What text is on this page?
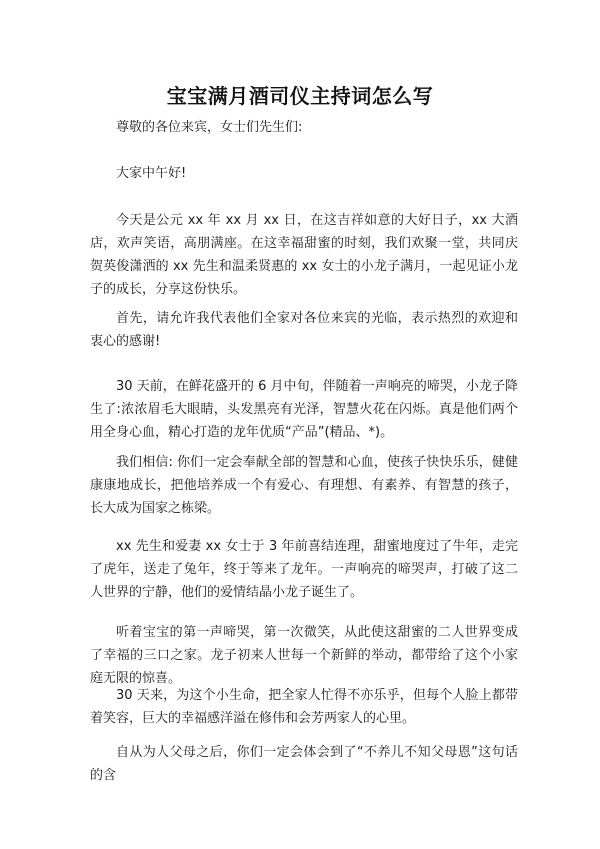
宝宝满月酒司仪主持词怎么写

尊敬的各位来宾，女士们先生们:

大家中午好!

今天是公元 xx 年 xx 月 xx 日，在这吉祥如意的大好日子，xx 大酒店，欢声笑语，高朋满座。在这幸福甜蜜的时刻，我们欢聚一堂，共同庆贺英俊潇洒的 xx 先生和温柔贤惠的 xx 女士的小龙子满月，一起见证小龙子的成长，分享这份快乐。

首先，请允许我代表他们全家对各位来宾的光临，表示热烈的欢迎和衷心的感谢!

30 天前，在鲜花盛开的 6 月中旬，伴随着一声响亮的啼哭，小龙子降生了:浓浓眉毛大眼睛，头发黑亮有光泽，智慧火花在闪烁。真是他们两个用全身心血，精心打造的龙年优质“产品”(精品、*)。

我们相信: 你们一定会奉献全部的智慧和心血，使孩子快快乐乐，健健康康地成长，把他培养成一个有爱心、有理想、有素养、有智慧的孩子，长大成为国家之栋梁。

xx 先生和爱妻 xx 女士于 3 年前喜结连理，甜蜜地度过了牛年，走完了虎年，送走了兔年，终于等来了龙年。一声响亮的啼哭声，打破了这二人世界的宁静，他们的爱情结晶小龙子诞生了。

听着宝宝的第一声啼哭，第一次微笑，从此使这甜蜜的二人世界变成了幸福的三口之家。龙子初来人世每一个新鲜的举动，都带给了这个小家庭无限的惊喜。

30 天来，为这个小生命，把全家人忙得不亦乐乎，但每个人脸上都带着笑容，巨大的幸福感洋溢在修伟和会芳两家人的心里。

自从为人父母之后，你们一定会体会到了“不养儿不知父母恩”这句话的含
